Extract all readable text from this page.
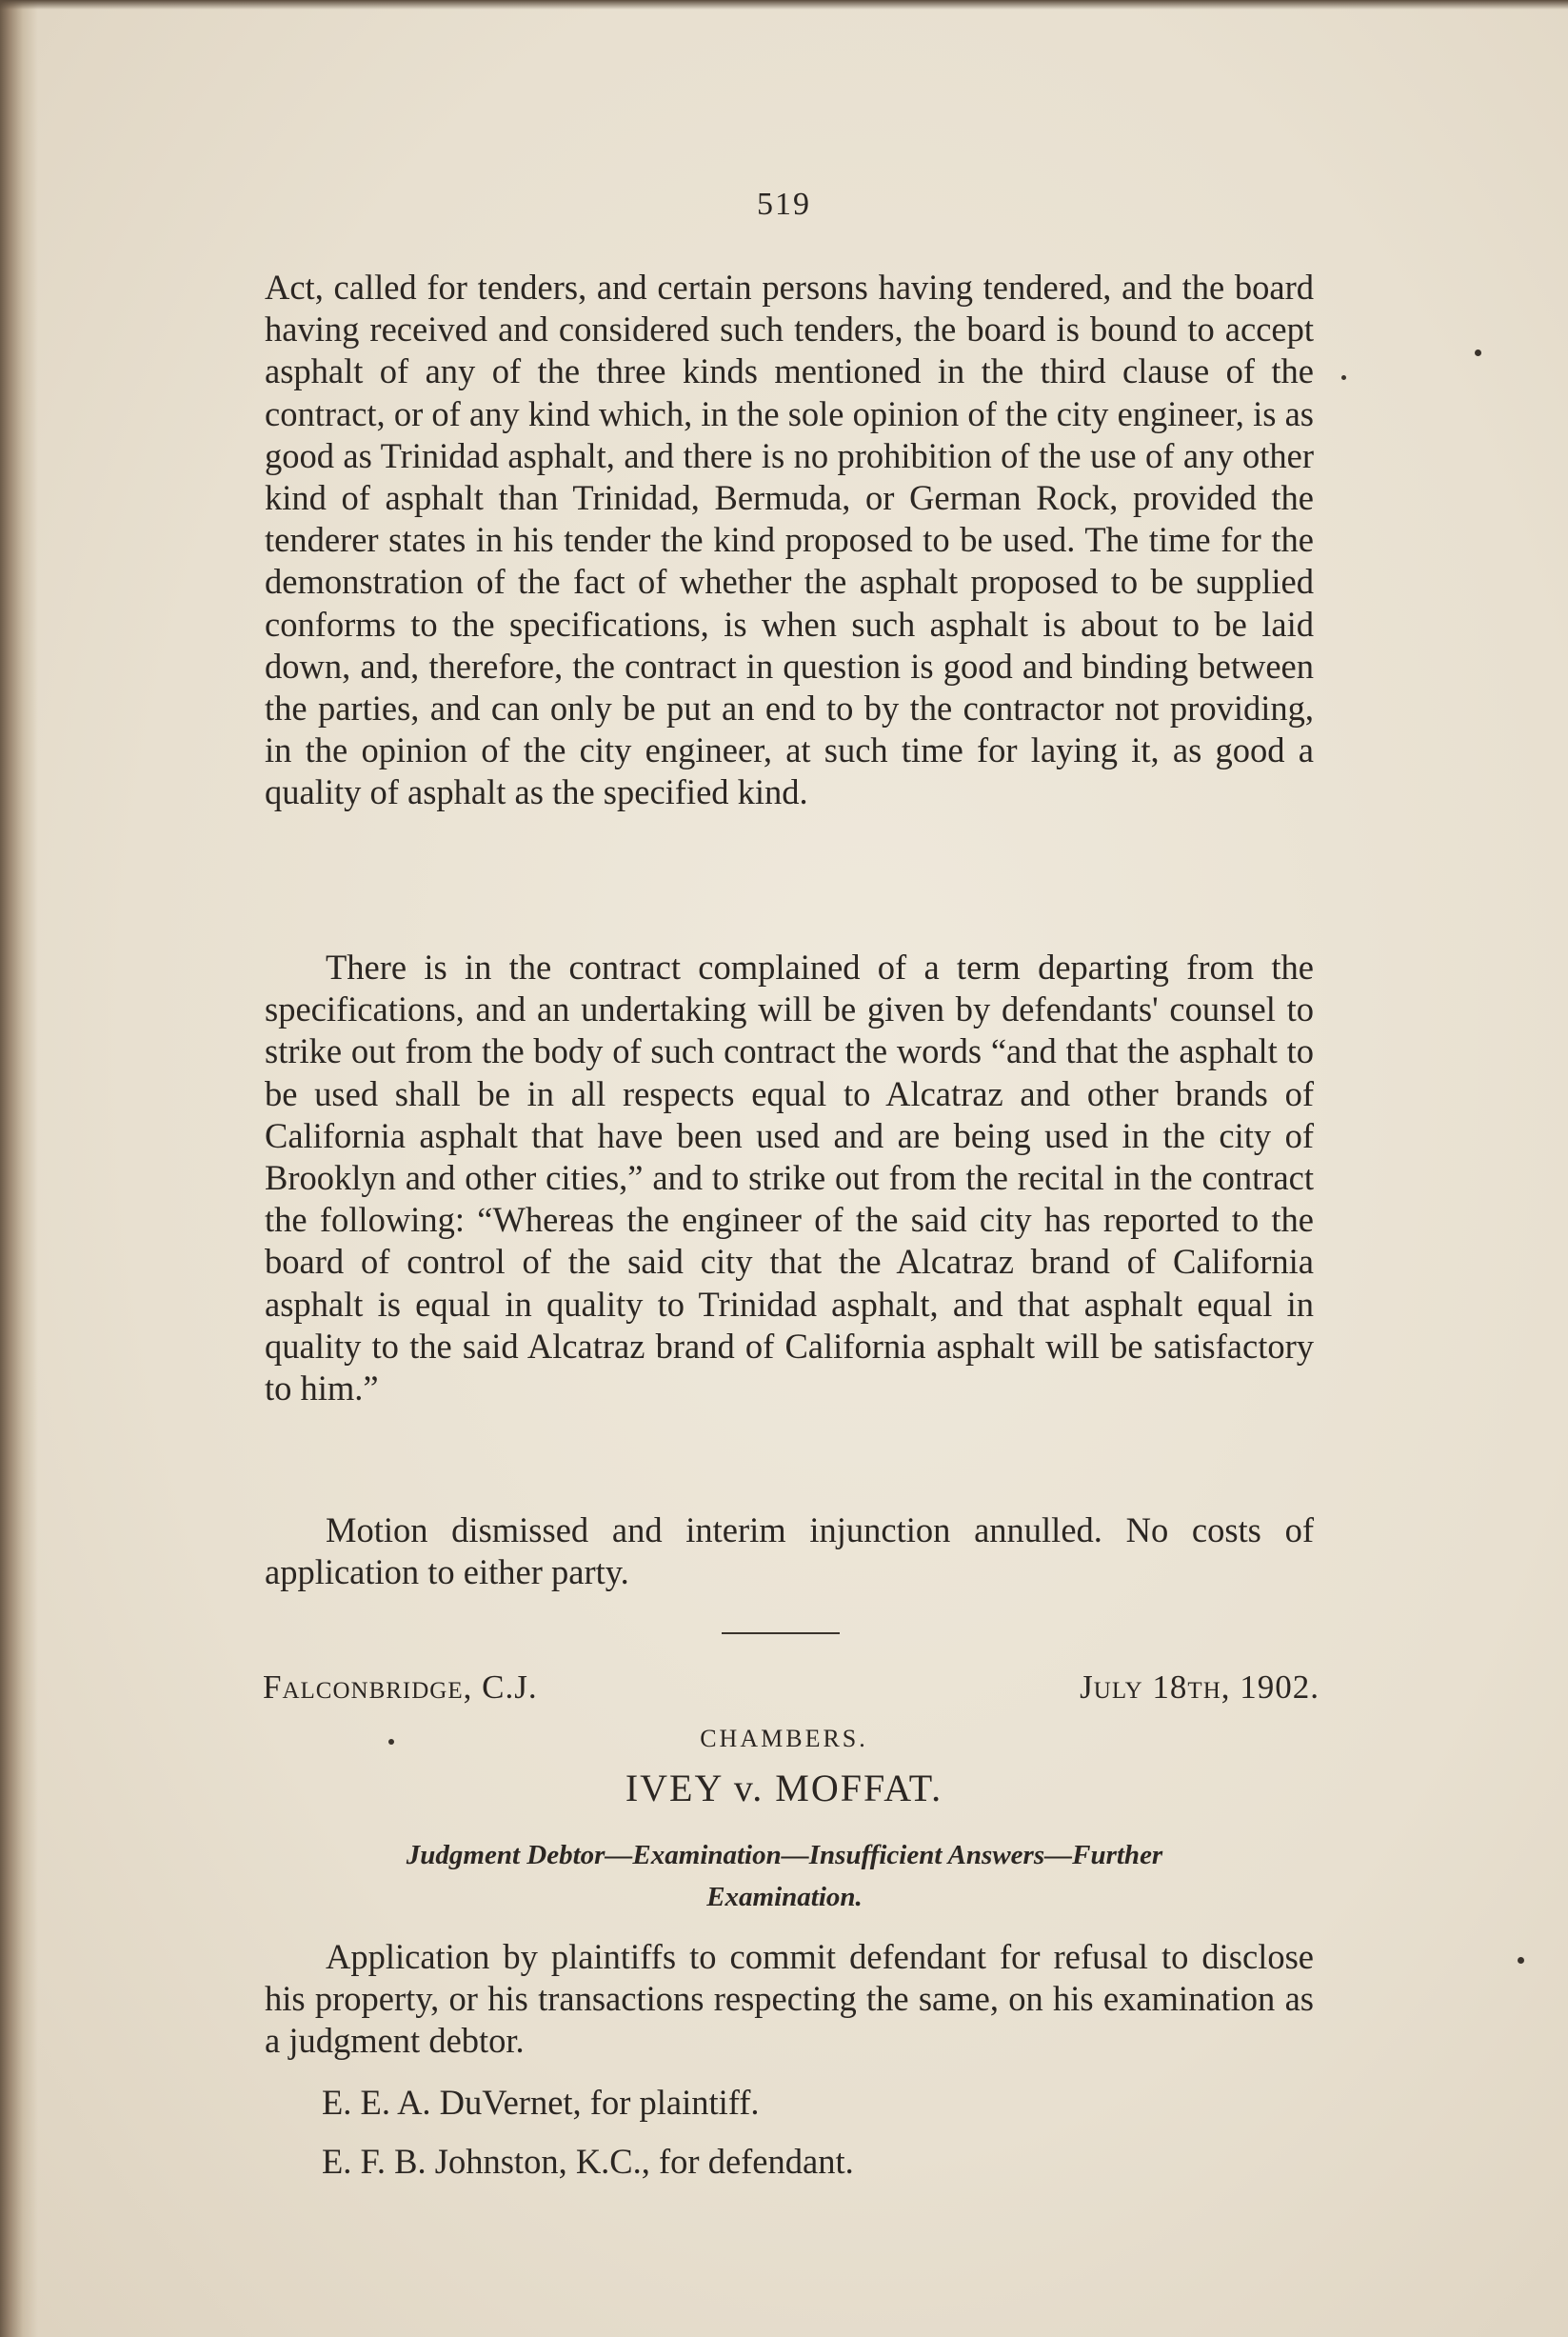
519

Act, called for tenders, and certain persons having tendered, and the board having received and considered such tenders, the board is bound to accept asphalt of any of the three kinds mentioned in the third clause of the contract, or of any kind which, in the sole opinion of the city engineer, is as good as Trinidad asphalt, and there is no prohibition of the use of any other kind of asphalt than Trinidad, Bermuda, or German Rock, provided the tenderer states in his tender the kind proposed to be used. The time for the demonstration of the fact of whether the asphalt proposed to be supplied conforms to the specifications, is when such asphalt is about to be laid down, and, therefore, the contract in question is good and binding between the parties, and can only be put an end to by the contractor not providing, in the opinion of the city engineer, at such time for laying it, as good a quality of asphalt as the specified kind.

There is in the contract complained of a term departing from the specifications, and an undertaking will be given by defendants' counsel to strike out from the body of such contract the words “and that the asphalt to be used shall be in all respects equal to Alcatraz and other brands of California asphalt that have been used and are being used in the city of Brooklyn and other cities,” and to strike out from the recital in the contract the following: “Whereas the engineer of the said city has reported to the board of control of the said city that the Alcatraz brand of California asphalt is equal in quality to Trinidad asphalt, and that asphalt equal in quality to the said Alcatraz brand of California asphalt will be satisfactory to him.”

Motion dismissed and interim injunction annulled. No costs of application to either party.

Falconbridge, C.J.	July 18th, 1902.
CHAMBERS.
IVEY v. MOFFAT.
Judgment Debtor—Examination—Insufficient Answers—Further
Examination.

Application by plaintiffs to commit defendant for refusal to disclose his property, or his transactions respecting the same, on his examination as a judgment debtor.

E. E. A. DuVernet, for plaintiff.
E. F. B. Johnston, K.C., for defendant.
